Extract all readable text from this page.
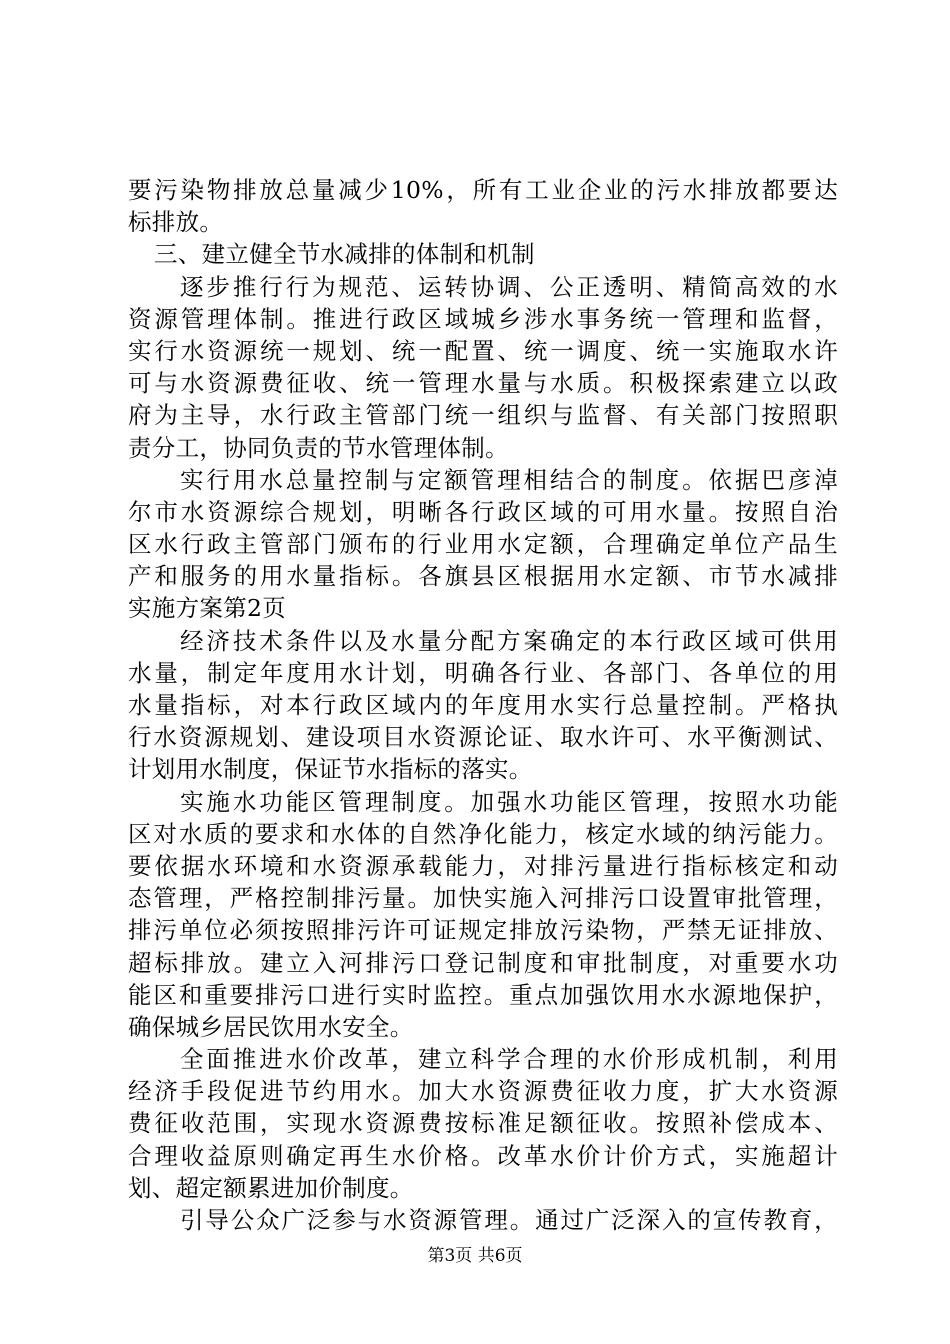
要污染物排放总量减少10%，所有工业企业的污水排放都要达
标排放。
三、建立健全节水减排的体制和机制
逐步推行行为规范、运转协调、公正透明、精简高效的水
资源管理体制。推进行政区域城乡涉水事务统一管理和监督，
实行水资源统一规划、统一配置、统一调度、统一实施取水许
可与水资源费征收、统一管理水量与水质。积极探索建立以政
府为主导，水行政主管部门统一组织与监督、有关部门按照职
责分工，协同负责的节水管理体制。
实行用水总量控制与定额管理相结合的制度。依据巴彦淖
尔市水资源综合规划，明晰各行政区域的可用水量。按照自治
区水行政主管部门颁布的行业用水定额，合理确定单位产品生
产和服务的用水量指标。各旗县区根据用水定额、市节水减排
实施方案第2页
经济技术条件以及水量分配方案确定的本行政区域可供用
水量，制定年度用水计划，明确各行业、各部门、各单位的用
水量指标，对本行政区域内的年度用水实行总量控制。严格执
行水资源规划、建设项目水资源论证、取水许可、水平衡测试、
计划用水制度，保证节水指标的落实。
实施水功能区管理制度。加强水功能区管理，按照水功能
区对水质的要求和水体的自然净化能力，核定水域的纳污能力。
要依据水环境和水资源承载能力，对排污量进行指标核定和动
态管理，严格控制排污量。加快实施入河排污口设置审批管理，
排污单位必须按照排污许可证规定排放污染物，严禁无证排放、
超标排放。建立入河排污口登记制度和审批制度，对重要水功
能区和重要排污口进行实时监控。重点加强饮用水水源地保护，
确保城乡居民饮用水安全。
全面推进水价改革，建立科学合理的水价形成机制，利用
经济手段促进节约用水。加大水资源费征收力度，扩大水资源
费征收范围，实现水资源费按标准足额征收。按照补偿成本、
合理收益原则确定再生水价格。改革水价计价方式，实施超计
划、超定额累进加价制度。
引导公众广泛参与水资源管理。通过广泛深入的宣传教育，
第3页 共6页
